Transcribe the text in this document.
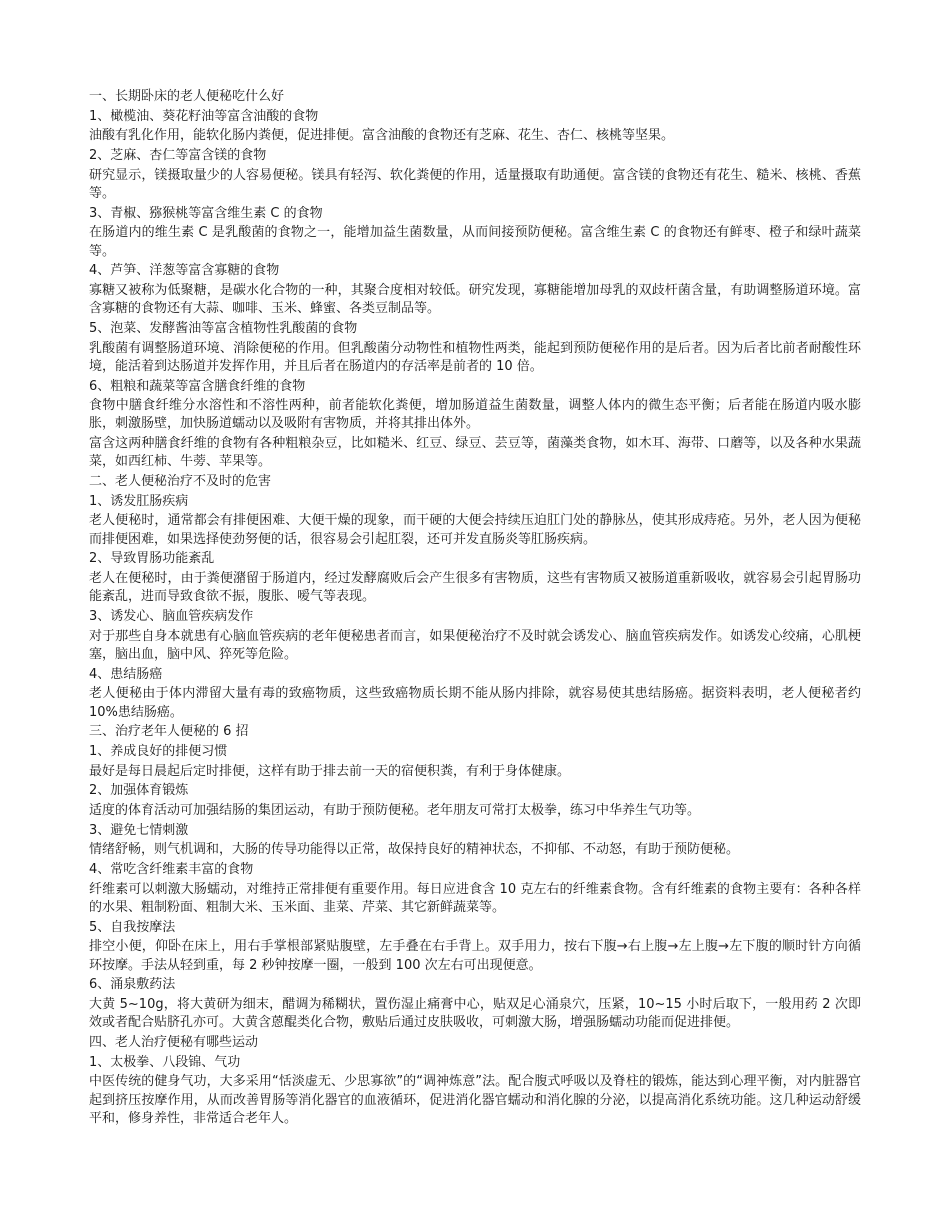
一、长期卧床的老人便秘吃什么好
1、橄榄油、葵花籽油等富含油酸的食物
油酸有乳化作用，能软化肠内粪便，促进排便。富含油酸的食物还有芝麻、花生、杏仁、核桃等坚果。
2、芝麻、杏仁等富含镁的食物
研究显示，镁摄取量少的人容易便秘。镁具有轻泻、软化粪便的作用，适量摄取有助通便。富含镁的食物还有花生、糙米、核桃、香蕉等。
3、青椒、猕猴桃等富含维生素 C 的食物
在肠道内的维生素 C 是乳酸菌的食物之一，能增加益生菌数量，从而间接预防便秘。富含维生素 C 的食物还有鲜枣、橙子和绿叶蔬菜等。
4、芦笋、洋葱等富含寡糖的食物
寡糖又被称为低聚糖，是碳水化合物的一种，其聚合度相对较低。研究发现，寡糖能增加母乳的双歧杆菌含量，有助调整肠道环境。富含寡糖的食物还有大蒜、咖啡、玉米、蜂蜜、各类豆制品等。
5、泡菜、发酵酱油等富含植物性乳酸菌的食物
乳酸菌有调整肠道环境、消除便秘的作用。但乳酸菌分动物性和植物性两类，能起到预防便秘作用的是后者。因为后者比前者耐酸性环境，能活着到达肠道并发挥作用，并且后者在肠道内的存活率是前者的 10 倍。
6、粗粮和蔬菜等富含膳食纤维的食物
食物中膳食纤维分水溶性和不溶性两种，前者能软化粪便，增加肠道益生菌数量，调整人体内的微生态平衡；后者能在肠道内吸水膨胀，刺激肠壁，加快肠道蠕动以及吸附有害物质，并将其排出体外。
富含这两种膳食纤维的食物有各种粗粮杂豆，比如糙米、红豆、绿豆、芸豆等，菌藻类食物，如木耳、海带、口蘑等，以及各种水果蔬菜，如西红柿、牛蒡、苹果等。
二、老人便秘治疗不及时的危害
1、诱发肛肠疾病
老人便秘时，通常都会有排便困难、大便干燥的现象，而干硬的大便会持续压迫肛门处的静脉丛，使其形成痔疮。另外，老人因为便秘而排便困难，如果选择使劲努便的话，很容易会引起肛裂，还可并发直肠炎等肛肠疾病。
2、导致胃肠功能紊乱
老人在便秘时，由于粪便潴留于肠道内，经过发酵腐败后会产生很多有害物质，这些有害物质又被肠道重新吸收，就容易会引起胃肠功能紊乱，进而导致食欲不振，腹胀、嗳气等表现。
3、诱发心、脑血管疾病发作
对于那些自身本就患有心脑血管疾病的老年便秘患者而言，如果便秘治疗不及时就会诱发心、脑血管疾病发作。如诱发心绞痛，心肌梗塞，脑出血，脑中风、猝死等危险。
4、患结肠癌
老人便秘由于体内滞留大量有毒的致癌物质，这些致癌物质长期不能从肠内排除，就容易使其患结肠癌。据资料表明，老人便秘者约 10%患结肠癌。
三、治疗老年人便秘的 6 招
1、养成良好的排便习惯
最好是每日晨起后定时排便，这样有助于排去前一天的宿便积粪，有利于身体健康。
2、加强体育锻炼
适度的体育活动可加强结肠的集团运动，有助于预防便秘。老年朋友可常打太极拳，练习中华养生气功等。
3、避免七情刺激
情绪舒畅，则气机调和，大肠的传导功能得以正常，故保持良好的精神状态，不抑郁、不动怒，有助于预防便秘。
4、常吃含纤维素丰富的食物
纤维素可以刺激大肠蠕动，对维持正常排便有重要作用。每日应进食含 10 克左右的纤维素食物。含有纤维素的食物主要有：各种各样的水果、粗制粉面、粗制大米、玉米面、韭菜、芹菜、其它新鲜蔬菜等。
5、自我按摩法
排空小便，仰卧在床上，用右手掌根部紧贴腹壁，左手叠在右手背上。双手用力，按右下腹→右上腹→左上腹→左下腹的顺时针方向循环按摩。手法从轻到重，每 2 秒钟按摩一圈，一般到 100 次左右可出现便意。
6、涌泉敷药法
大黄 5~10g，将大黄研为细末，醋调为稀糊状，置伤湿止痛膏中心，贴双足心涌泉穴，压紧，10~15 小时后取下，一般用药 2 次即效或者配合贴脐孔亦可。大黄含蒽醌类化合物，敷贴后通过皮肤吸收，可刺激大肠，增强肠蠕动功能而促进排便。
四、老人治疗便秘有哪些运动
1、太极拳、八段锦、气功
中医传统的健身气功，大多采用“恬淡虚无、少思寡欲”的“调神炼意”法。配合腹式呼吸以及脊柱的锻炼，能达到心理平衡，对内脏器官起到挤压按摩作用，从而改善胃肠等消化器官的血液循环，促进消化器官蠕动和消化腺的分泌，以提高消化系统功能。这几种运动舒缓平和，修身养性，非常适合老年人。
